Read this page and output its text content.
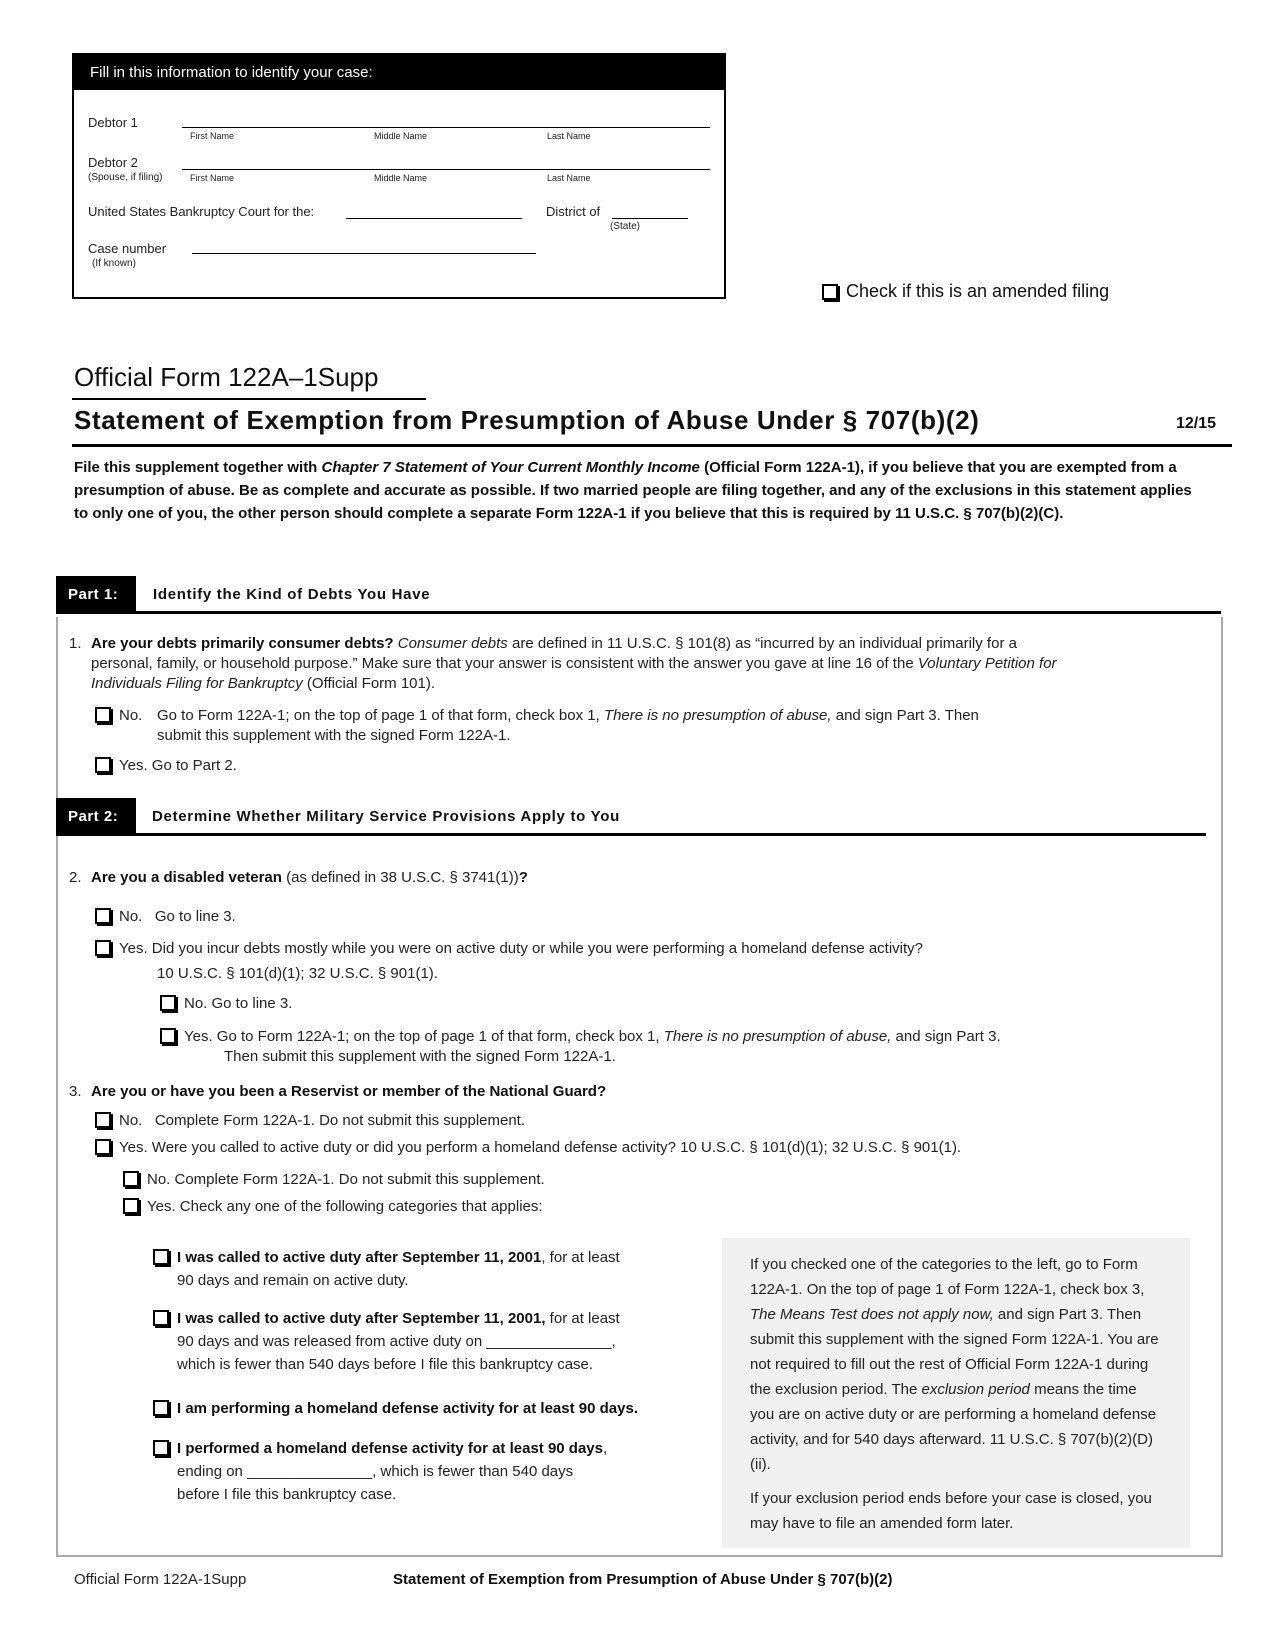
Fill in this information to identify your case:
Debtor 1
First Name	Middle Name	Last Name
Debtor 2
(Spouse, if filing)	First Name	Middle Name	Last Name
United States Bankruptcy Court for the:	District of
(State)
Case number
(If known)
Check if this is an amended filing
Official Form 122A–1Supp
Statement of Exemption from Presumption of Abuse Under § 707(b)(2)	12/15
File this supplement together with Chapter 7 Statement of Your Current Monthly Income (Official Form 122A-1), if you believe that you are exempted from a presumption of abuse. Be as complete and accurate as possible. If two married people are filing together, and any of the exclusions in this statement applies to only one of you, the other person should complete a separate Form 122A-1 if you believe that this is required by 11 U.S.C. § 707(b)(2)(C).
Part 1:	Identify the Kind of Debts You Have
1. Are your debts primarily consumer debts? Consumer debts are defined in 11 U.S.C. § 101(8) as “incurred by an individual primarily for a
personal, family, or household purpose.” Make sure that your answer is consistent with the answer you gave at line 16 of the Voluntary Petition for
Individuals Filing for Bankruptcy (Official Form 101).
No. Go to Form 122A-1; on the top of page 1 of that form, check box 1, There is no presumption of abuse, and sign Part 3. Then
submit this supplement with the signed Form 122A-1.
Yes. Go to Part 2.
Part 2:	Determine Whether Military Service Provisions Apply to You
2. Are you a disabled veteran (as defined in 38 U.S.C. § 3741(1))?
No.   Go to line 3.
Yes. Did you incur debts mostly while you were on active duty or while you were performing a homeland defense activity?
10 U.S.C. § 101(d)(1); 32 U.S.C. § 901(1).
No. Go to line 3.
Yes. Go to Form 122A-1; on the top of page 1 of that form, check box 1, There is no presumption of abuse, and sign Part 3.
Then submit this supplement with the signed Form 122A-1.
3. Are you or have you been a Reservist or member of the National Guard?
No.   Complete Form 122A-1. Do not submit this supplement.
Yes. Were you called to active duty or did you perform a homeland defense activity? 10 U.S.C. § 101(d)(1); 32 U.S.C. § 901(1).
No. Complete Form 122A-1. Do not submit this supplement.
Yes. Check any one of the following categories that applies:
I was called to active duty after September 11, 2001, for at least
90 days and remain on active duty.
I was called to active duty after September 11, 2001, for at least
90 days and was released from active duty on _______________,
which is fewer than 540 days before I file this bankruptcy case.
I am performing a homeland defense activity for at least 90 days.
I performed a homeland defense activity for at least 90 days,
ending on _______________, which is fewer than 540 days
before I file this bankruptcy case.

If you checked one of the categories to the left, go to Form 122A-1. On the top of page 1 of Form 122A-1, check box 3, The Means Test does not apply now, and sign Part 3. Then submit this supplement with the signed Form 122A-1. You are not required to fill out the rest of Official Form 122A-1 during the exclusion period. The exclusion period means the time you are on active duty or are performing a homeland defense activity, and for 540 days afterward. 11 U.S.C. § 707(b)(2)(D)(ii).

If your exclusion period ends before your case is closed, you may have to file an amended form later.

Official Form 122A-1Supp	Statement of Exemption from Presumption of Abuse Under § 707(b)(2)
